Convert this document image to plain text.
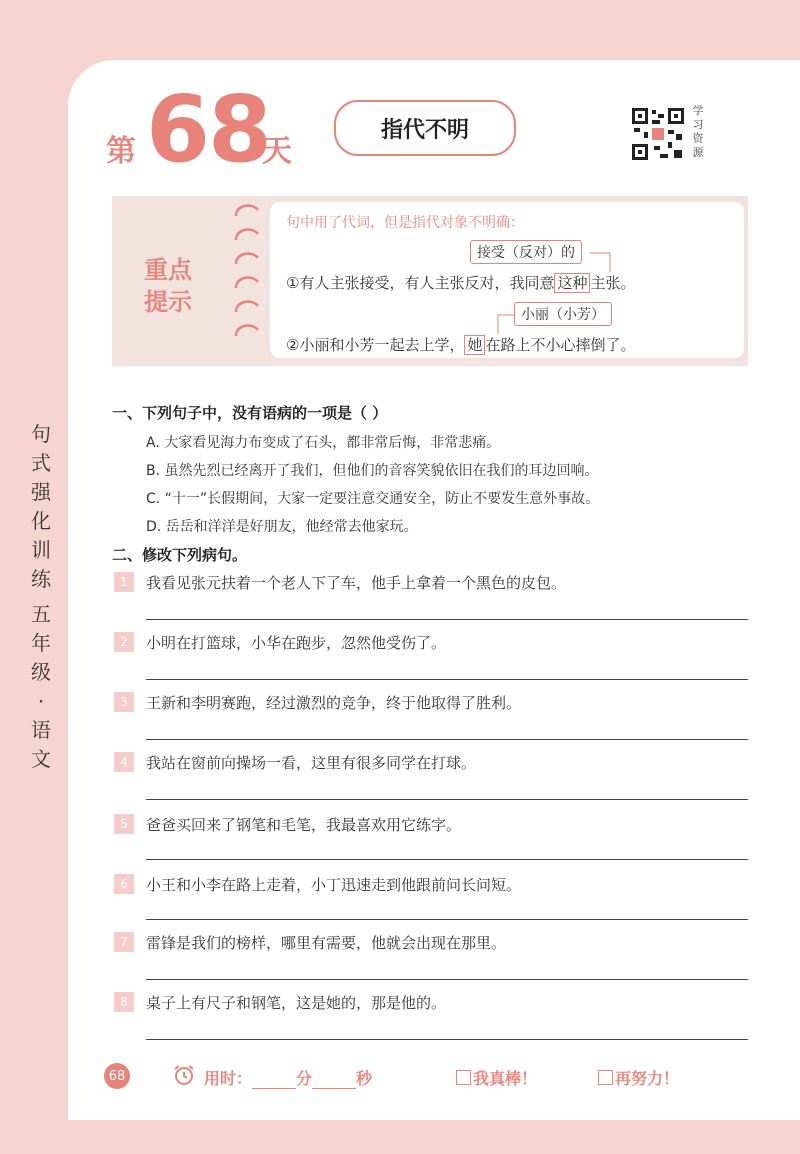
第 68
天
指代不明
学
习
资
源
重点
提示
句中用了代词，但是指代对象不明确：
接受（反对）的
①有人主张接受，有人主张反对，我同意 这种 主张。
小丽（小芳）
②小丽和小芳一起去上学， 她 在路上不小心摔倒了。
句
式
强
化
训
练
五
年
级
·
语
文
一、下列句子中，没有语病的一项是（ ）
A. 大家看见海力布变成了石头，都非常后悔，非常悲痛。
B. 虽然先烈已经离开了我们，但他们的音容笑貌依旧在我们的耳边回响。
C. “十一”长假期间，大家一定要注意交通安全，防止不要发生意外事故。
D. 岳岳和洋洋是好朋友，他经常去他家玩。
二、修改下列病句。
1	我看见张元扶着一个老人下了车，他手上拿着一个黑色的皮包。
2	小明在打篮球，小华在跑步，忽然他受伤了。
3	王新和李明赛跑，经过激烈的竞争，终于他取得了胜利。
4	我站在窗前向操场一看，这里有很多同学在打球。
5	爸爸买回来了钢笔和毛笔，我最喜欢用它练字。
6	小王和小李在路上走着，小丁迅速走到他跟前问长问短。
7	雷锋是我们的榜样，哪里有需要，他就会出现在那里。
8	桌子上有尺子和钢笔，这是她的，那是他的。
68	用时：	分	秒	我真棒！	再努力！
